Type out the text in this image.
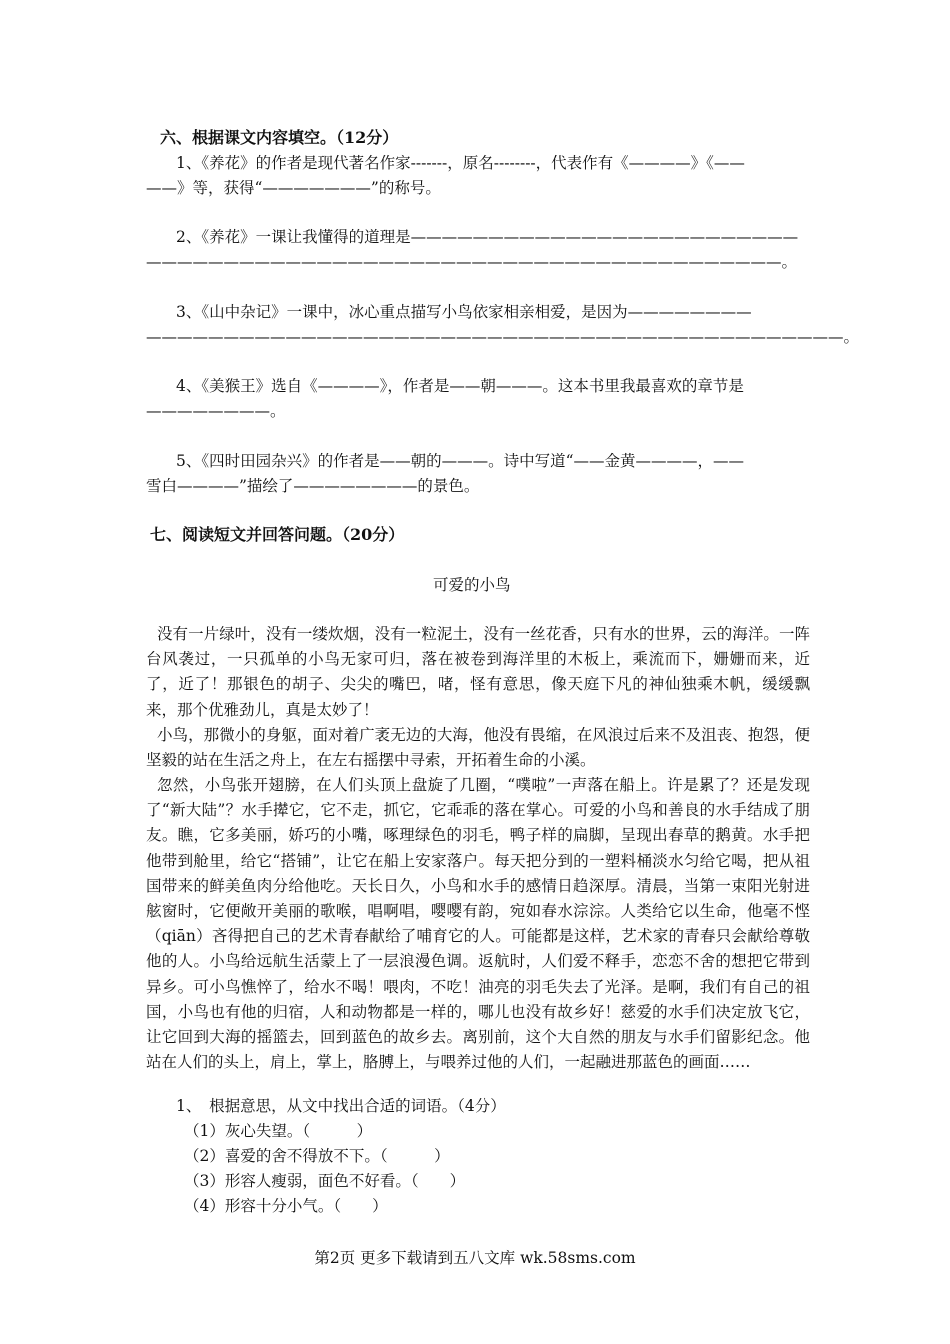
六、根据课文内容填空。（12分）
1、《养花》的作者是现代著名作家-------，原名--------，代表作有《————》《——
——》等，获得“———————”的称号。
2、《养花》一课让我懂得的道理是—————————————————————————
—————————————————————————————————————————。
3、《山中杂记》一课中，冰心重点描写小鸟依家相亲相爱，是因为————————
—————————————————————————————————————————————。
4、《美猴王》选自《————》，作者是——朝———。这本书里我最喜欢的章节是
————————。
5、《四时田园杂兴》的作者是——朝的———。诗中写道“——金黄————，——
雪白————”描绘了————————的景色。
七、阅读短文并回答问题。（20分）
可爱的小鸟
没有一片绿叶，没有一缕炊烟，没有一粒泥土，没有一丝花香，只有水的世界，云的海洋。一阵台风袭过，一只孤单的小鸟无家可归，落在被卷到海洋里的木板上，乘流而下，姗姗而来，近了，近了！那银色的胡子、尖尖的嘴巴，啫，怪有意思，像天庭下凡的神仙独乘木帆，缓缓飘来，那个优雅劲儿，真是太妙了！
小鸟，那微小的身躯，面对着广袤无边的大海，他没有畏缩，在风浪过后来不及沮丧、抱怨，便坚毅的站在生活之舟上，在左右摇摆中寻索，开拓着生命的小溪。
忽然，小鸟张开翅膀，在人们头顶上盘旋了几圈，“噗啦”一声落在船上。许是累了？还是发现了“新大陆”？水手撵它，它不走，抓它，它乖乖的落在掌心。可爱的小鸟和善良的水手结成了朋友。瞧，它多美丽，娇巧的小嘴，啄理绿色的羽毛，鸭子样的扁脚，呈现出春草的鹅黄。水手把他带到舱里，给它“搭铺”，让它在船上安家落户。每天把分到的一塑料桶淡水匀给它喝，把从祖国带来的鲜美鱼肉分给他吃。天长日久，小鸟和水手的感情日趋深厚。清晨，当第一束阳光射进舷窗时，它便敞开美丽的歌喉，唱啊唱，嘤嘤有韵，宛如春水淙淙。人类给它以生命，他毫不悭（qiān）吝得把自己的艺术青春献给了哺育它的人。可能都是这样，艺术家的青春只会献给尊敬他的人。小鸟给远航生活蒙上了一层浪漫色调。返航时，人们爱不释手，恋恋不舍的想把它带到异乡。可小鸟憔悴了，给水不喝！喂肉，不吃！油亮的羽毛失去了光泽。是啊，我们有自己的祖国，小鸟也有他的归宿，人和动物都是一样的，哪儿也没有故乡好！慈爱的水手们决定放飞它，让它回到大海的摇篮去，回到蓝色的故乡去。离别前，这个大自然的朋友与水手们留影纪念。他站在人们的头上，肩上，掌上，胳膊上，与喂养过他的人们，一起融进那蓝色的画面……
1、　根据意思，从文中找出合适的词语。（4分）
（1）灰心失望。（　　　）
（2）喜爱的舍不得放不下。（　　　）
（3）形容人瘦弱，面色不好看。（　　）
（4）形容十分小气。（　　）
第2页 更多下载请到五八文库 wk.58sms.com
